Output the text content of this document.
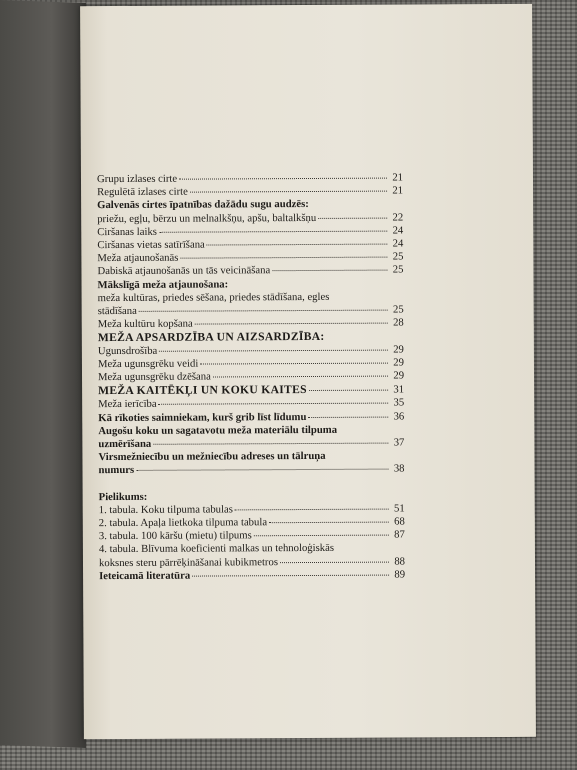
Grupu izlases cirte	21
Regulētā izlases cirte	21
Galvenās cirtes īpatnības dažādu sugu audzēs:
priežu, egļu, bērzu un melnalkšņu, apšu, baltalkšņu	22
Ciršanas laiks	24
Ciršanas vietas satīrīšana	24
Meža atjaunošanās	25
Dabiskā atjaunošanās un tās veicināšana	25
Mākslīgā meža atjaunošana:
meža kultūras, priedes sēšana, priedes stādīšana, egles
stādīšana	25
Meža kultūru kopšana	28
MEŽA APSARDZĪBA UN AIZSARDZĪBA:
Ugunsdrošība	29
Meža ugunsgrēku veidi	29
Meža ugunsgrēku dzēšana	29
MEŽA KAITĒKĻI UN KOKU KAITES	31
Meža ierīcība	35
Kā rīkoties saimniekam, kurš grib līst līdumu	36
Augošu koku un sagatavotu meža materiālu tilpuma
uzmērīšana	37
Virsmežniecību un mežniecību adreses un tālruņa
numurs	38
Pielikums:
1. tabula. Koku tilpuma tabulas	51
2. tabula. Apaļa lietkoka tilpuma tabula	68
3. tabula. 100 kāršu (mietu) tilpums	87
4. tabula. Blīvuma koeficienti malkas un tehnoloģiskās
koksnes steru pārrēķināšanai kubikmetros	88
Ieteicamā literatūra	89
